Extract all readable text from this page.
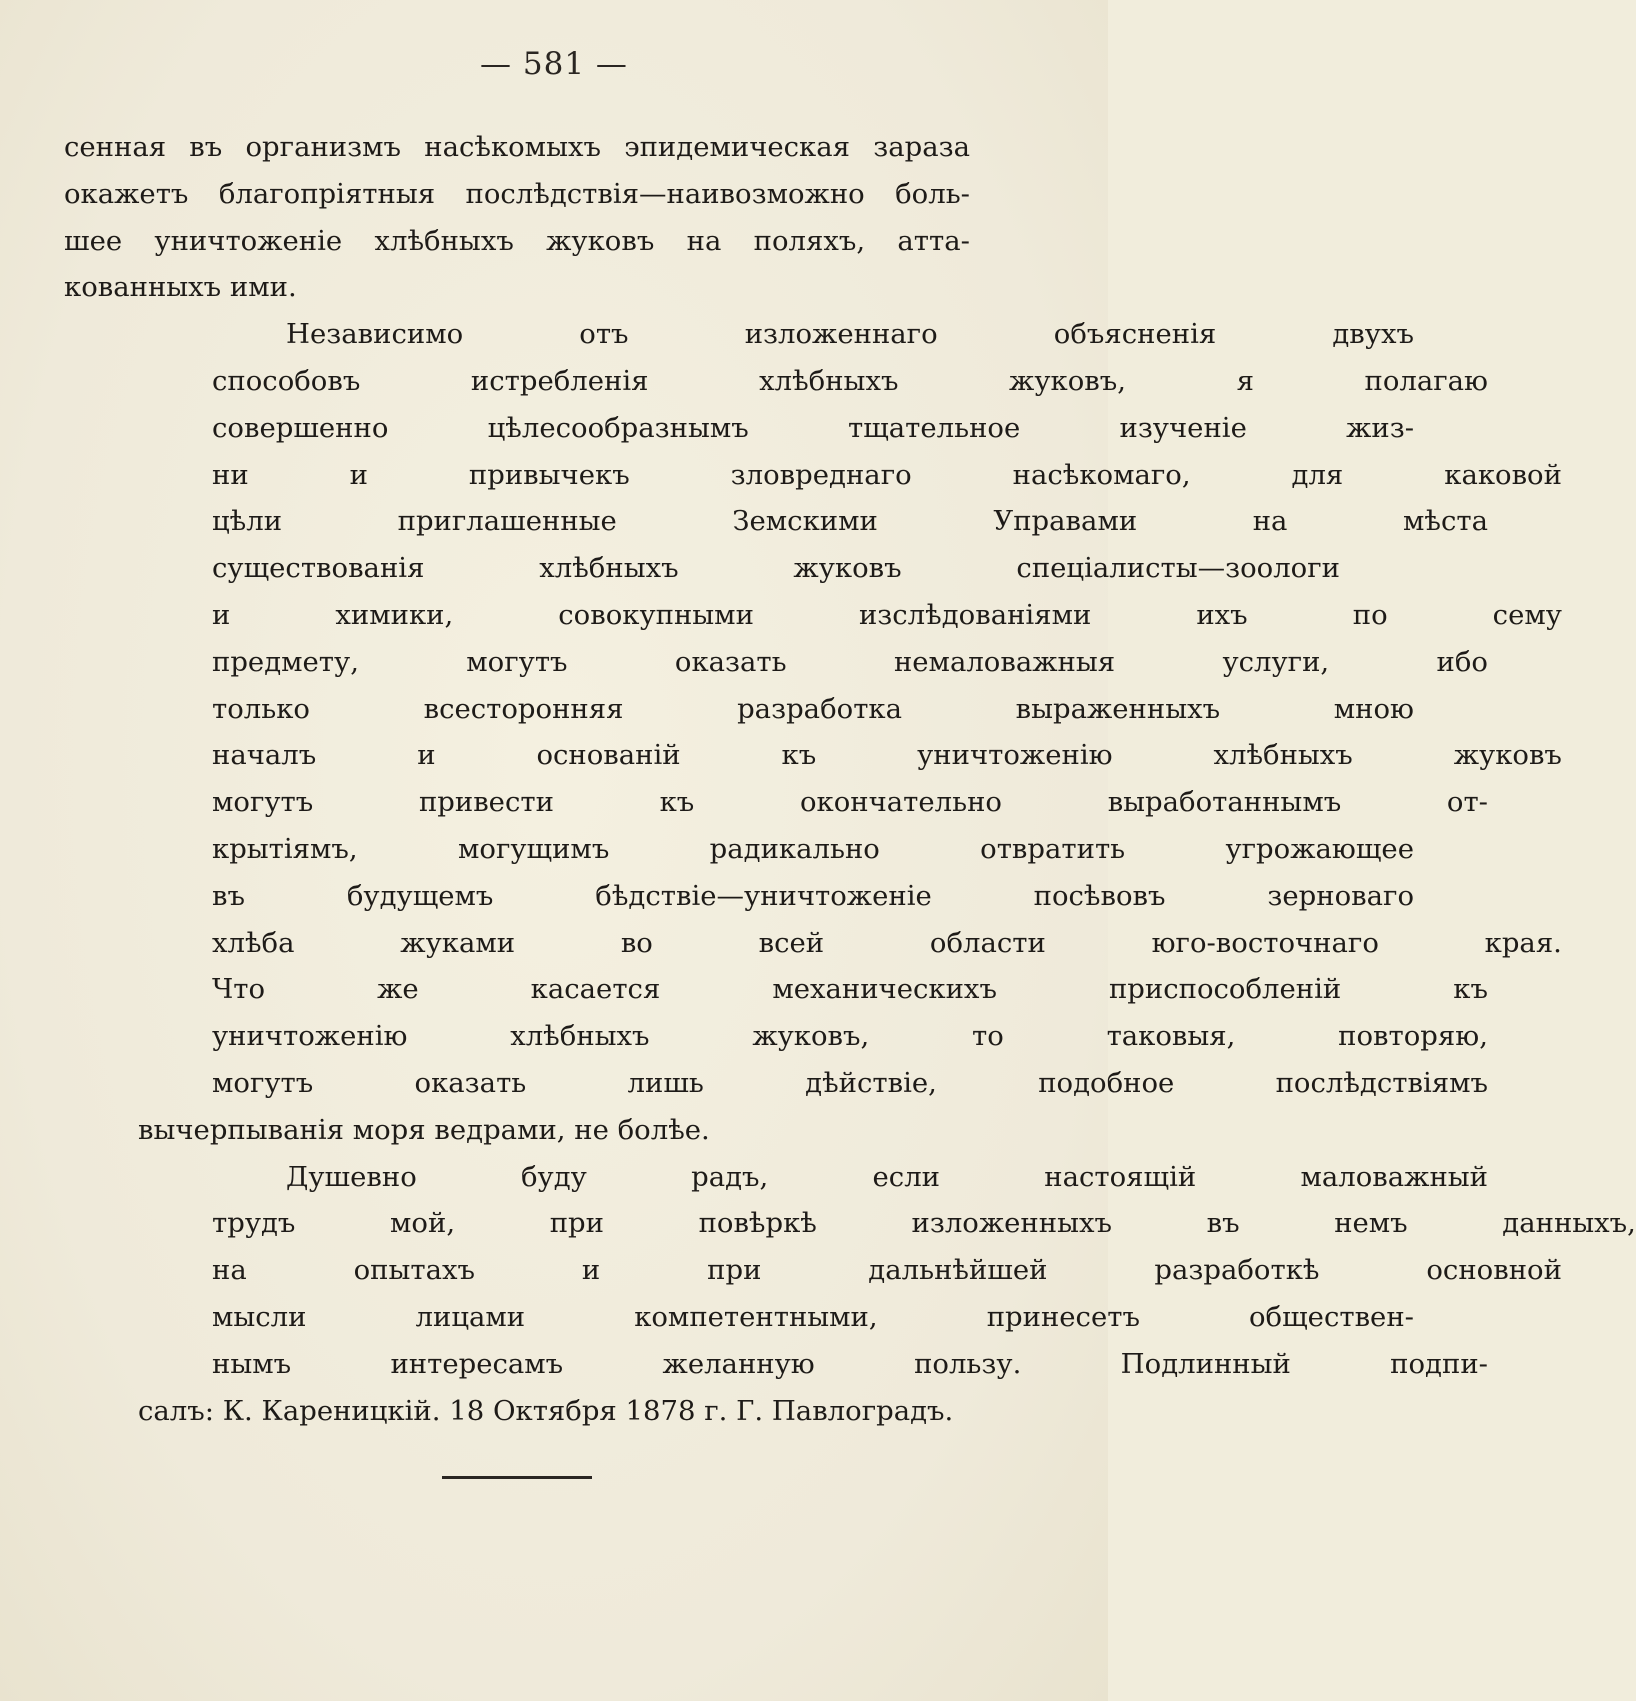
— 581 —

сенная въ организмъ насѣкомыхъ эпидемическая зараза
окажетъ благопріятныя послѣдствія—наивозможно боль-
шее уничтоженіе хлѣбныхъ жуковъ на поляхъ, атта-
кованныхъ ими.

Независимо	отъ	изложеннаго	объясненія	двухъ
способовъ	истребленія	хлѣбныхъ	жуковъ,	я	полагаю
совершенно	цѣлесообразнымъ	тщательное	изученіе	жиз-
ни	и	привычекъ	зловреднаго	насѣкомаго,	для	каковой
цѣли	приглашенные	Земскими	Управами	на	мѣста
существованія	хлѣбныхъ	жуковъ	спеціалисты—зоологи
и	химики,	совокупными	изслѣдованіями	ихъ	по	сему
предмету,	могутъ	оказать	немаловажныя	услуги,	ибо
только	всесторонняя	разработка	выраженныхъ	мною
началъ	и	основаній	къ	уничтоженію	хлѣбныхъ	жуковъ
могутъ	привести	къ	окончательно	выработаннымъ	от-
крытіямъ,	могущимъ	радикально	отвратить	угрожающее
въ	будущемъ	бѣдствіе—уничтоженіе	посѣвовъ	зерноваго
хлѣба	жуками	во	всей	области	юго-восточнаго	края.
Что	же	касается	механическихъ	приспособленій	къ
уничтоженію	хлѣбныхъ	жуковъ,	то	таковыя,	повторяю,
могутъ	оказать	лишь	дѣйствіе,	подобное	послѣдствіямъ
вычерпыванія моря ведрами, не болѣе.

Душевно	буду	радъ,	если	настоящій	маловажный
трудъ	мой,	при	повѣркѣ	изложенныхъ	въ	немъ	данныхъ,
на	опытахъ	и	при	дальнѣйшей	разработкѣ	основной
мысли	лицами	компетентными,	принесетъ	обществен-
нымъ	интересамъ	желанную	пользу.	Подлинный	подпи-
салъ: К. Кареницкій. 18 Октября 1878 г. Г. Павлоградъ.
